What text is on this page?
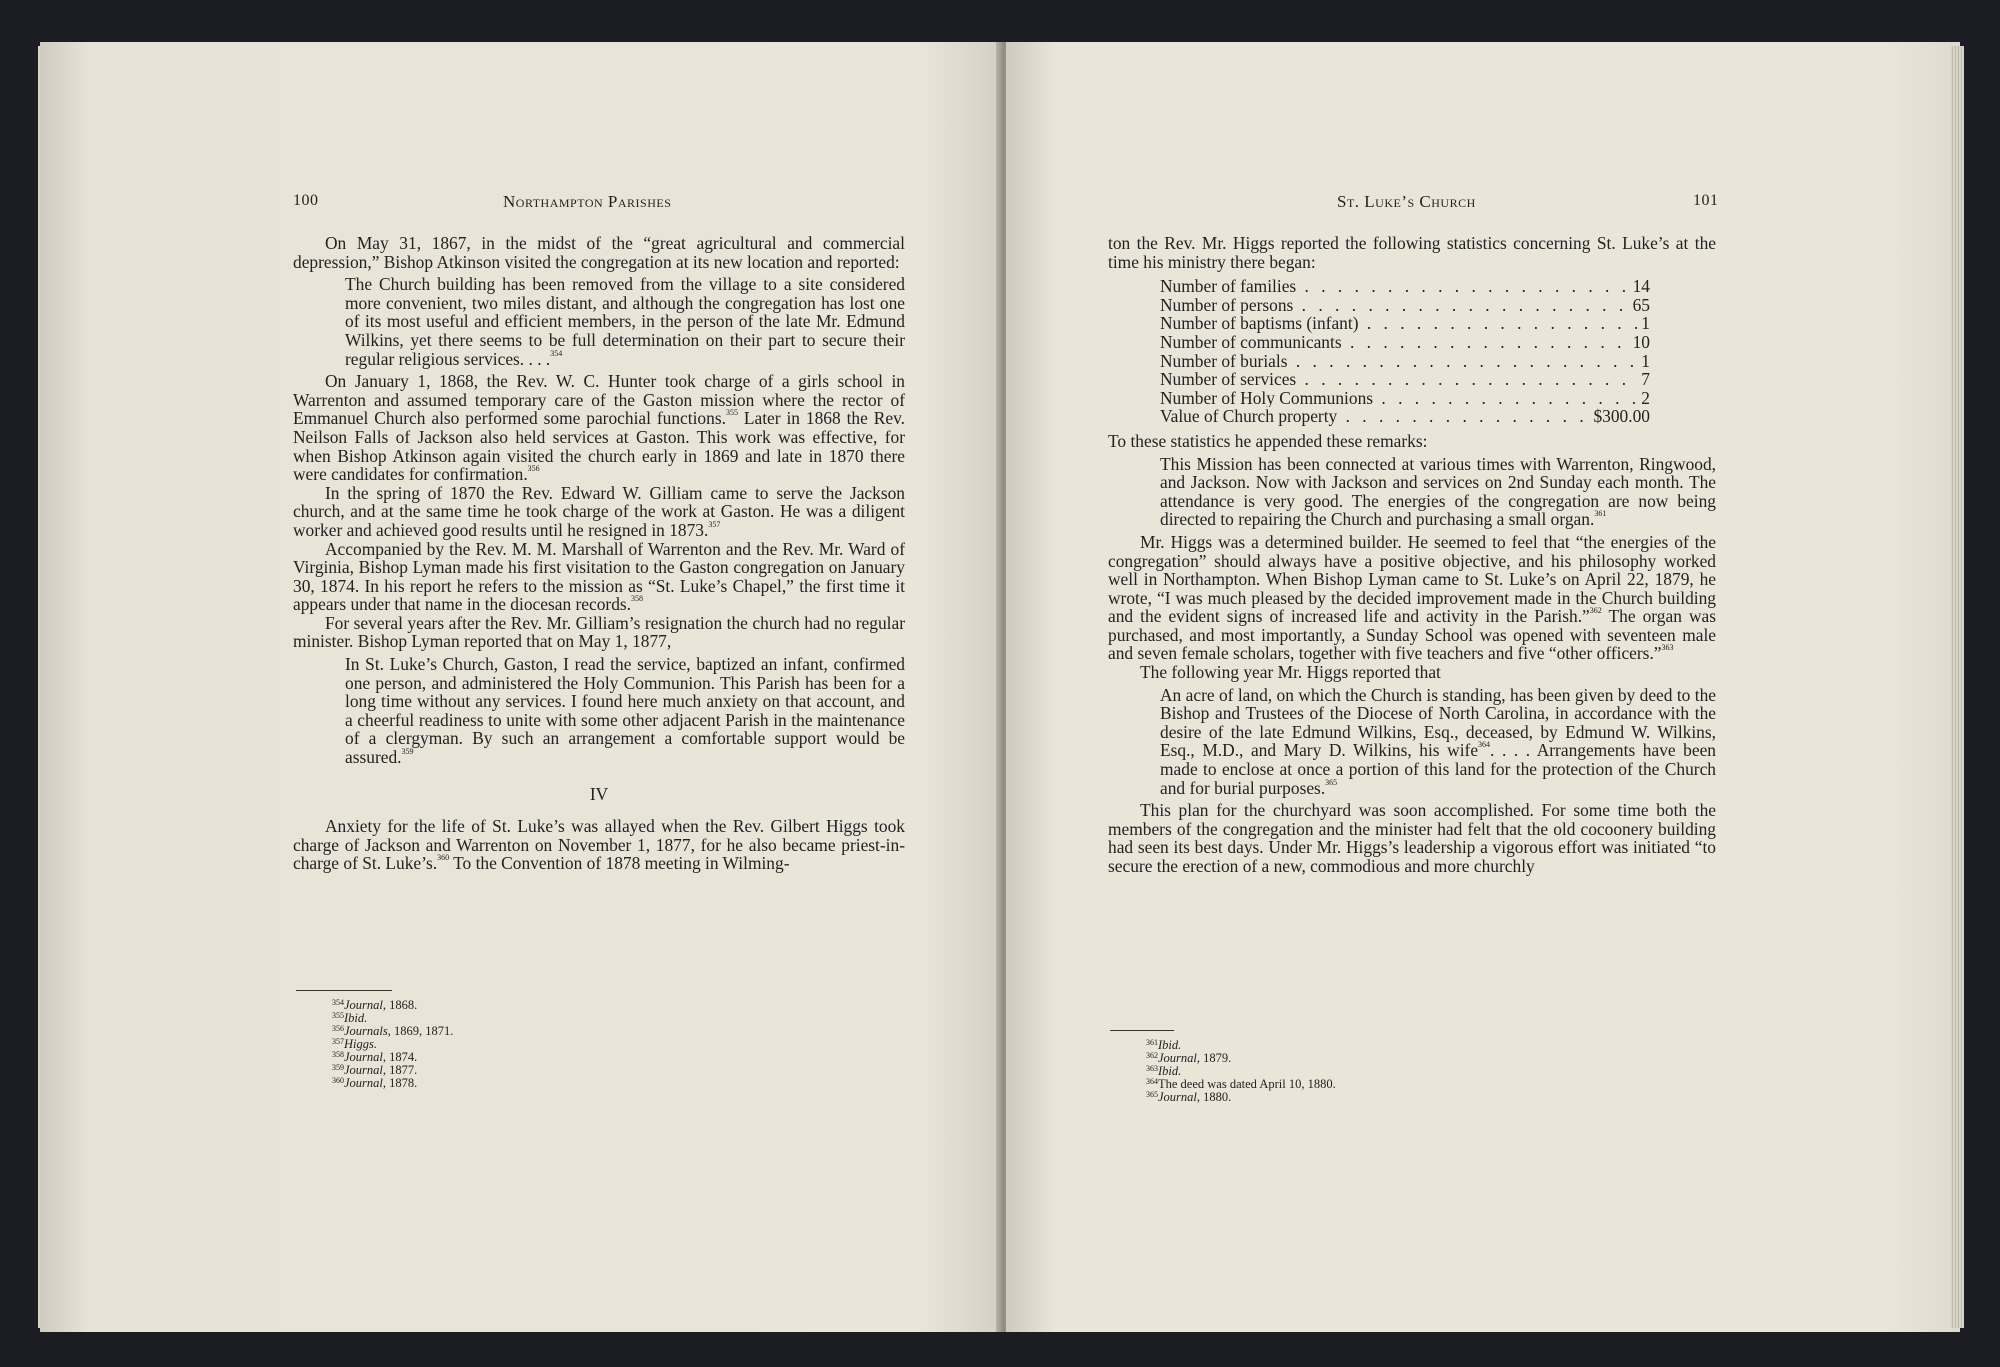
100	Northampton Parishes

On May 31, 1867, in the midst of the “great agricultural and commercial depression,” Bishop Atkinson visited the congregation at its new location and reported:

The Church building has been removed from the village to a site considered more convenient, two miles distant, and although the congregation has lost one of its most useful and efficient members, in the person of the late Mr. Edmund Wilkins, yet there seems to be full determination on their part to secure their regular religious services. . . .$^{354}$

On January 1, 1868, the Rev. W. C. Hunter took charge of a girls school in Warrenton and assumed temporary care of the Gaston mission where the rector of Emmanuel Church also performed some parochial functions.$^{355}$ Later in 1868 the Rev. Neilson Falls of Jackson also held services at Gaston. This work was effective, for when Bishop Atkinson again visited the church early in 1869 and late in 1870 there were candidates for confirmation.$^{356}$

In the spring of 1870 the Rev. Edward W. Gilliam came to serve the Jackson church, and at the same time he took charge of the work at Gaston. He was a diligent worker and achieved good results until he resigned in 1873.$^{357}$

Accompanied by the Rev. M. M. Marshall of Warrenton and the Rev. Mr. Ward of Virginia, Bishop Lyman made his first visitation to the Gaston congregation on January 30, 1874. In his report he refers to the mission as “St. Luke’s Chapel,” the first time it appears under that name in the diocesan records.$^{358}$

For several years after the Rev. Mr. Gilliam’s resignation the church had no regular minister. Bishop Lyman reported that on May 1, 1877,

In St. Luke’s Church, Gaston, I read the service, baptized an infant, confirmed one person, and administered the Holy Communion. This Parish has been for a long time without any services. I found here much anxiety on that account, and a cheerful readiness to unite with some other adjacent Parish in the maintenance of a clergyman. By such an arrangement a comfortable support would be assured.$^{359}$

IV

Anxiety for the life of St. Luke’s was allayed when the Rev. Gilbert Higgs took charge of Jackson and Warrenton on November 1, 1877, for he also became priest-in-charge of St. Luke’s.$^{360}$ To the Convention of 1878 meeting in Wilming-

$^{354}$Journal, 1868.
$^{355}$Ibid.
$^{356}$Journals, 1869, 1871.
$^{357}$Higgs.
$^{358}$Journal, 1874.
$^{359}$Journal, 1877.
$^{360}$Journal, 1878.
St. Luke’s Church	101

ton the Rev. Mr. Higgs reported the following statistics concerning St. Luke’s at the time his ministry there began:

Number of families . . .	14
Number of persons . . .	65
Number of baptisms (infant) . . .	1
Number of communicants . . .	10
Number of burials . . .	1
Number of services . . .	7
Number of Holy Communions . . .	2
Value of Church property . . .	$300.00

To these statistics he appended these remarks:

This Mission has been connected at various times with Warrenton, Ringwood, and Jackson. Now with Jackson and services on 2nd Sunday each month. The attendance is very good. The energies of the congregation are now being directed to repairing the Church and purchasing a small organ.$^{361}$

Mr. Higgs was a determined builder. He seemed to feel that “the energies of the congregation” should always have a positive objective, and his philosophy worked well in Northampton. When Bishop Lyman came to St. Luke’s on April 22, 1879, he wrote, “I was much pleased by the decided improvement made in the Church building and the evident signs of increased life and activity in the Parish.”$^{362}$ The organ was purchased, and most importantly, a Sunday School was opened with seventeen male and seven female scholars, together with five teachers and five “other officers.”$^{363}$

The following year Mr. Higgs reported that

An acre of land, on which the Church is standing, has been given by deed to the Bishop and Trustees of the Diocese of North Carolina, in accordance with the desire of the late Edmund Wilkins, Esq., deceased, by Edmund W. Wilkins, Esq., M.D., and Mary D. Wilkins, his wife$^{364}$. . . . Arrangements have been made to enclose at once a portion of this land for the protection of the Church and for burial purposes.$^{365}$

This plan for the churchyard was soon accomplished. For some time both the members of the congregation and the minister had felt that the old cocoonery building had seen its best days. Under Mr. Higgs’s leadership a vigorous effort was initiated “to secure the erection of a new, commodious and more churchly

$^{361}$Ibid.
$^{362}$Journal, 1879.
$^{363}$Ibid.
$^{364}$The deed was dated April 10, 1880.
$^{365}$Journal, 1880.
